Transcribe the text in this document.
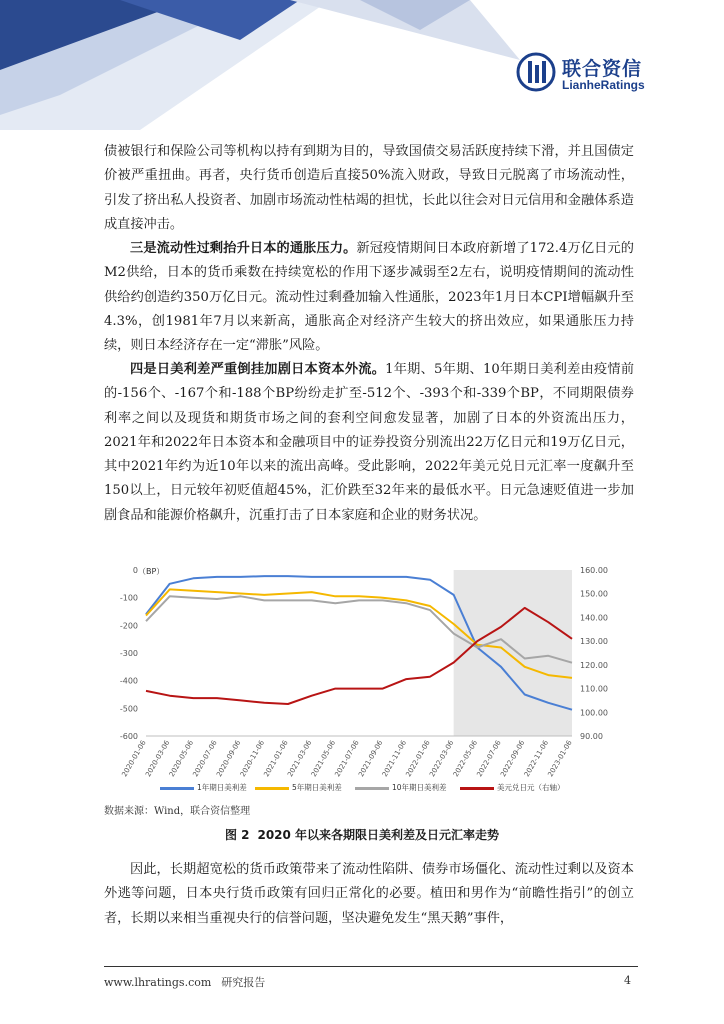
联合资信
LianheRatings

债被银行和保险公司等机构以持有到期为目的，导致国债交易活跃度持续下滑，并且国债定价被严重扭曲。再者，央行货币创造后直接50%流入财政，导致日元脱离了市场流动性，引发了挤出私人投资者、加剧市场流动性枯竭的担忧，长此以往会对日元信用和金融体系造成直接冲击。

三是流动性过剩抬升日本的通胀压力。新冠疫情期间日本政府新增了172.4万亿日元的M2供给，日本的货币乘数在持续宽松的作用下逐步减弱至2左右，说明疫情期间的流动性供给约创造约350万亿日元。流动性过剩叠加输入性通胀，2023年1月日本CPI增幅飙升至4.3%，创1981年7月以来新高，通胀高企对经济产生较大的挤出效应，如果通胀压力持续，则日本经济存在一定“滞胀”风险。

四是日美利差严重倒挂加剧日本资本外流。1年期、5年期、10年期日美利差由疫情前的-156个、-167个和-188个BP纷纷走扩至-512个、-393个和-339个BP，不同期限债券利率之间以及现货和期货市场之间的套利空间愈发显著，加剧了日本的外资流出压力，2021年和2022年日本资本和金融项目中的证券投资分别流出22万亿日元和19万亿日元，其中2021年约为近10年以来的流出高峰。受此影响，2022年美元兑日元汇率一度飙升至150以上，日元较年初贬值超45%，汇价跌至32年来的最低水平。日元急速贬值进一步加剧食品和能源价格飙升，沉重打击了日本家庭和企业的财务状况。

0
-100
-200
-300
-400
-500
-600
160.00
150.00
140.00
130.00
120.00
110.00
100.00
90.00
（BP）
2020-01-06
2020-03-06
2020-05-06
2020-07-06
2020-09-06
2020-11-06
2021-01-06
2021-03-06
2021-05-06
2021-07-06
2021-09-06
2021-11-06
2022-01-06
2022-03-06
2022-05-06
2022-07-06
2022-09-06
2022-11-06
2023-01-06
1年期日美利差	5年期日美利差	10年期日美利差	美元兑日元（右轴）
数据来源：Wind，联合资信整理
图 2 2020 年以来各期限日美利差及日元汇率走势

因此，长期超宽松的货币政策带来了流动性陷阱、债券市场僵化、流动性过剩以及资本外逃等问题，日本央行货币政策有回归正常化的必要。植田和男作为“前瞻性指引”的创立者，长期以来相当重视央行的信誉问题，坚决避免发生“黑天鹅”事件，

www.lhratings.com 研究报告	4
